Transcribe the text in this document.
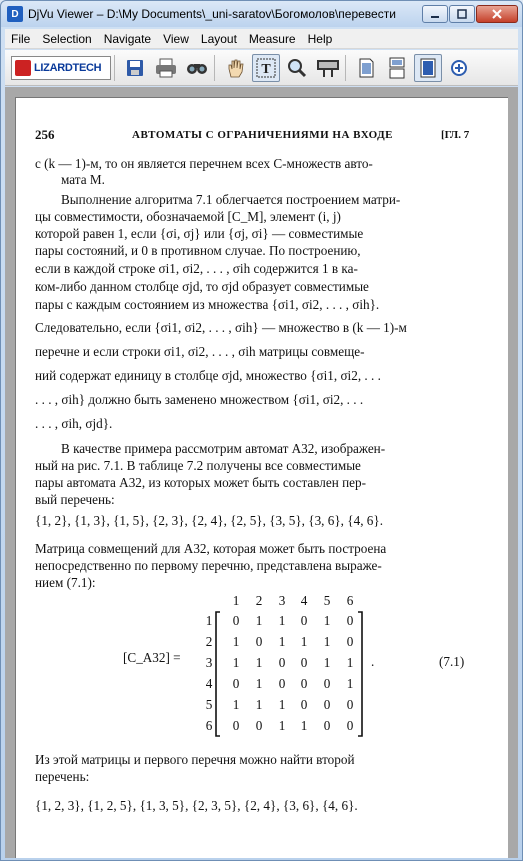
D DjVu Viewer – D:\My Documents\_uni-saratov\Богомолов\перевести
File	Selection	Navigate	View	Layout	Measure	Help
LIZARDTECH	T
256	АВТОМАТЫ С ОГРАНИЧЕНИЯМИ НА ВХОДЕ	[ГЛ. 7
с (k — 1)-м, то он является перечнем всех C-множеств авто-
мата M.
Выполнение алгоритма 7.1 облегчается построением матри-
цы совместимости, обозначаемой [C_M], элемент (i, j)
которой равен 1, если {σi, σj} или {σj, σi} — совместимые
пары состояний, и 0 в противном случае. По построению,
если в каждой строке σi1, σi2, . . . , σih содержится 1 в ка-
ком-либо данном столбце σjd, то σjd образует совместимые
пары с каждым состоянием из множества {σi1, σi2, . . . , σih}.
Следовательно, если {σi1, σi2, . . . , σih} — множество в (k — 1)-м
перечне и если строки σi1, σi2, . . . , σih матрицы совмеще-
ний содержат единицу в столбце σjd, множество {σi1, σi2, . . .
. . . , σih} должно быть заменено множеством {σi1, σi2, . . .
. . . , σih, σjd}.
В качестве примера рассмотрим автомат A32, изображен-
ный на рис. 7.1. В таблице 7.2 получены все совместимые
пары автомата A32, из которых может быть составлен пер-
вый перечень:
{1, 2}, {1, 3}, {1, 5}, {2, 3}, {2, 4}, {2, 5}, {3, 5}, {3, 6}, {4, 6}.
Матрица совмещений для A32, которая может быть построена
непосредственно по первому перечню, представлена выраже-
нием (7.1):
[C_A32] =
1 2 3 4 5 6
1 0 1 1 0 1 0
2 1 0 1 1 1 0
3 1 1 0 0 1 1
4 0 1 0 0 0 1
5 1 1 1 0 0 0
6 0 0 1 1 0 0
.	(7.1)
Из этой матрицы и первого перечня можно найти второй
перечень:
{1, 2, 3}, {1, 2, 5}, {1, 3, 5}, {2, 3, 5}, {2, 4}, {3, 6}, {4, 6}.
